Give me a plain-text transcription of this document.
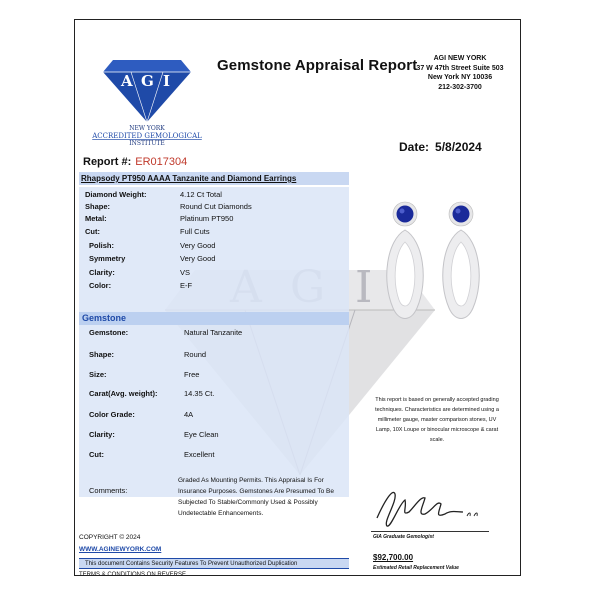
I
A G I
NEW YORK
ACCREDITED GEMOLOGICAL
INSTITUTE
Gemstone Appraisal Report	AGI NEW YORK
37 W 47th Street Suite 503
New York NY 10036
212-302-3700
Date: 5/8/2024
Report #: ER017304
Rhapsody PT950 AAAA Tanzanite and Diamond Earrings
Diamond Weight:	4.12 Ct Total
Shape:	Round Cut Diamonds
Metal:	Platinum PT950
Cut:	Full Cuts
Polish:	Very Good
Symmetry	Very Good
Clarity:	VS
Color:	E-F
Gemstone
Gemstone:	Natural Tanzanite
Shape:	Round
Size:	Free
Carat(Avg. weight):	14.35 Ct.
Color Grade:	4A
Clarity:	Eye Clean
Cut:	Excellent
This report is based on generally accepted grading techniques. Characteristics are determined using a millimeter gauge, master comparison stones, UV Lamp, 10X Loupe or binocular microscope & carat scale.
Comments:
Graded As Mounting Permits. This Appraisal Is For Insurance Purposes. Gemstones Are Presumed To Be Subjected To Stable/Commonly Used & Possibly Undetectable Enhancements.
GIA Graduate Gemologist
$92,700.00
Estimated Retail Replacement Value
COPYRIGHT © 2024
WWW.AGINEWYORK.COM
This document Contains Security Features To Prevent Unauthorized Duplication
TERMS & CONDITIONS ON REVERSE
